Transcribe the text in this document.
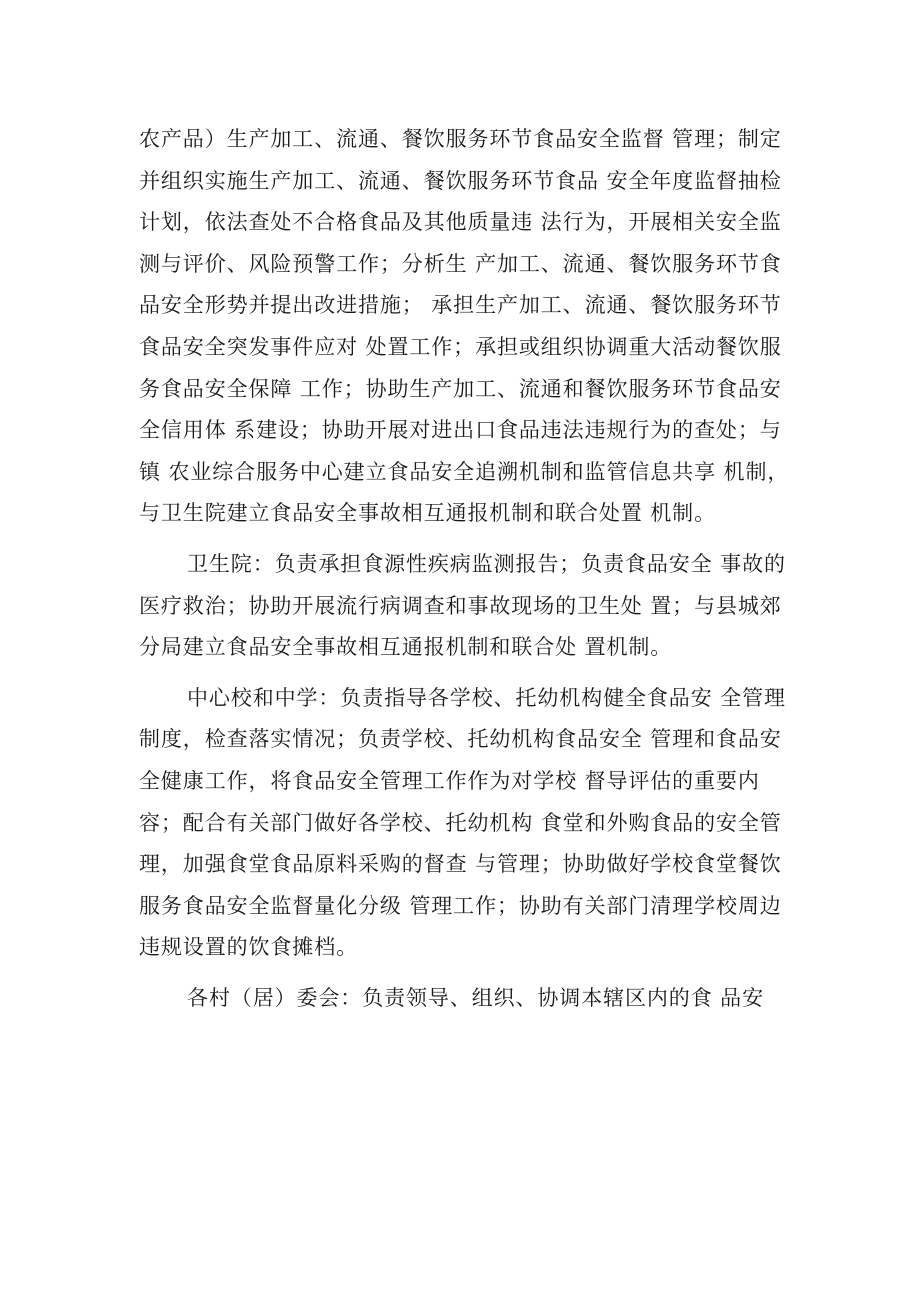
农产品）生产加工、流通、餐饮服务环节食品安全监督 管理；制定并组织实施生产加工、流通、餐饮服务环节食品 安全年度监督抽检计划，依法查处不合格食品及其他质量违 法行为，开展相关安全监测与评价、风险预警工作；分析生 产加工、流通、餐饮服务环节食品安全形势并提出改进措施； 承担生产加工、流通、餐饮服务环节食品安全突发事件应对 处置工作；承担或组织协调重大活动餐饮服务食品安全保障 工作；协助生产加工、流通和餐饮服务环节食品安全信用体 系建设；协助开展对进出口食品违法违规行为的查处；与镇 农业综合服务中心建立食品安全追溯机制和监管信息共享 机制，与卫生院建立食品安全事故相互通报机制和联合处置 机制。

卫生院：负责承担食源性疾病监测报告；负责食品安全 事故的医疗救治；协助开展流行病调查和事故现场的卫生处 置；与县城郊分局建立食品安全事故相互通报机制和联合处 置机制。

中心校和中学：负责指导各学校、托幼机构健全食品安 全管理制度，检查落实情况；负责学校、托幼机构食品安全 管理和食品安全健康工作，将食品安全管理工作作为对学校 督导评估的重要内容；配合有关部门做好各学校、托幼机构 食堂和外购食品的安全管理，加强食堂食品原料采购的督查 与管理；协助做好学校食堂餐饮服务食品安全监督量化分级 管理工作；协助有关部门清理学校周边违规设置的饮食摊档。

各村（居）委会：负责领导、组织、协调本辖区内的食 品安
